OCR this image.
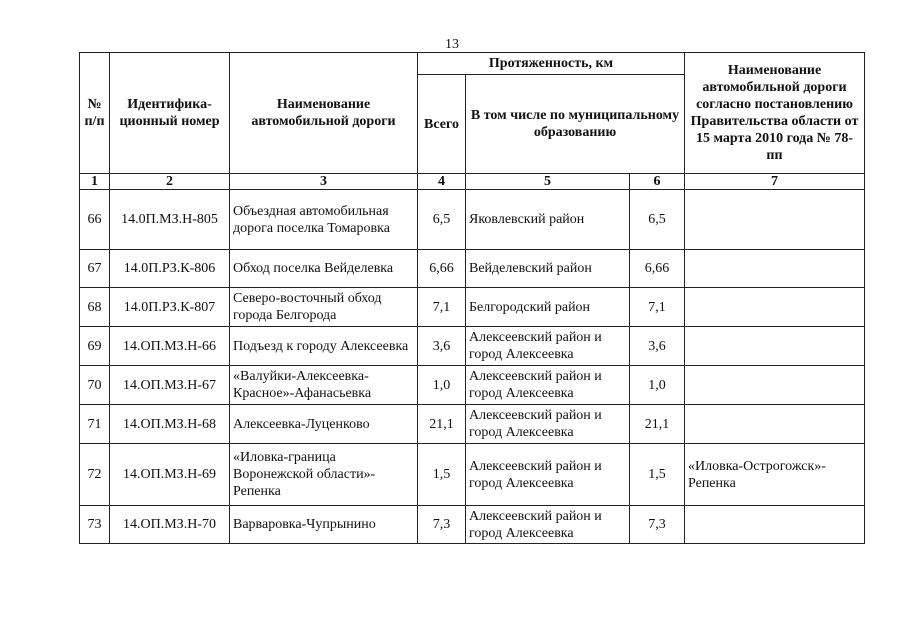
13
№ п/п	Идентифика-ционный номер	Наименование автомобильной дороги	Протяженность, км			Наименование автомобильной дороги согласно постановлению Правительства области от 15 марта 2010 года № 78-пп
			Всего	В том числе по муниципальному образованию		
1	2	3	4	5	6	7
66	14.0П.МЗ.Н-805	Объездная автомобильная дорога поселка Томаровка	6,5	Яковлевский район	6,5	
67	14.0П.РЗ.К-806	Обход поселка Вейделевка	6,66	Вейделевский район	6,66	
68	14.0П.РЗ.К-807	Северо-восточный обход города Белгорода	7,1	Белгородский район	7,1	
69	14.ОП.МЗ.Н-66	Подъезд к городу Алексеевка	3,6	Алексеевский район и город Алексеевка	3,6	
70	14.ОП.МЗ.Н-67	«Валуйки-Алексеевка-Красное»-Афанасьевка	1,0	Алексеевский район и город Алексеевка	1,0	
71	14.ОП.МЗ.Н-68	Алексеевка-Луценково	21,1	Алексеевский район и город Алексеевка	21,1	
72	14.ОП.МЗ.Н-69	«Иловка-граница Воронежской области»-Репенка	1,5	Алексеевский район и город Алексеевка	1,5	«Иловка-Острогожск»-Репенка
73	14.ОП.МЗ.Н-70	Варваровка-Чупрынино	7,3	Алексеевский район и город Алексеевка	7,3	
